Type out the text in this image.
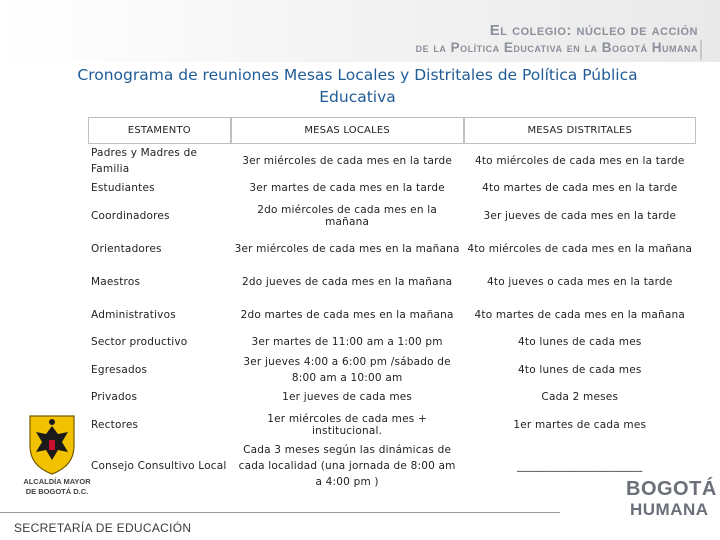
El colegio: núcleo de acción
de la Política Educativa en la Bogotá Humana
Cronograma de reuniones Mesas Locales y Distritales de Política Pública
Educativa
ESTAMENTO	MESAS LOCALES	MESAS DISTRITALES
Padres y Madres de Familia	3er miércoles de cada mes en la tarde	4to miércoles de cada mes en la tarde
Estudiantes	3er martes de cada mes en la tarde	4to martes de cada mes en la tarde
Coordinadores	2do miércoles de cada mes en la mañana	3er jueves de cada mes en la tarde
Orientadores	3er miércoles de cada mes en la mañana	4to miércoles de cada mes en la mañana
Maestros	2do jueves de cada mes en la mañana	4to jueves o cada mes en la tarde
Administrativos	2do martes de cada mes en la mañana	4to martes de cada mes en la mañana
Sector productivo	3er martes de 11:00 am a 1:00 pm	4to lunes de cada mes
Egresados	3er jueves 4:00 a 6:00 pm /sábado de 8:00 am a 10:00 am	4to lunes de cada mes
Privados	1er jueves de cada mes	Cada 2 meses
Rectores	1er miércoles de cada mes + institucional.	1er martes de cada mes
Consejo Consultivo Local	Cada 3 meses según las dinámicas de cada localidad (una jornada de 8:00 am a 4:00 pm )	_______________________
ALCALDÍA MAYOR
DE BOGOTÁ D.C.
SECRETARÍA DE EDUCACIÓN
BOGOTÁ
HUMANA
